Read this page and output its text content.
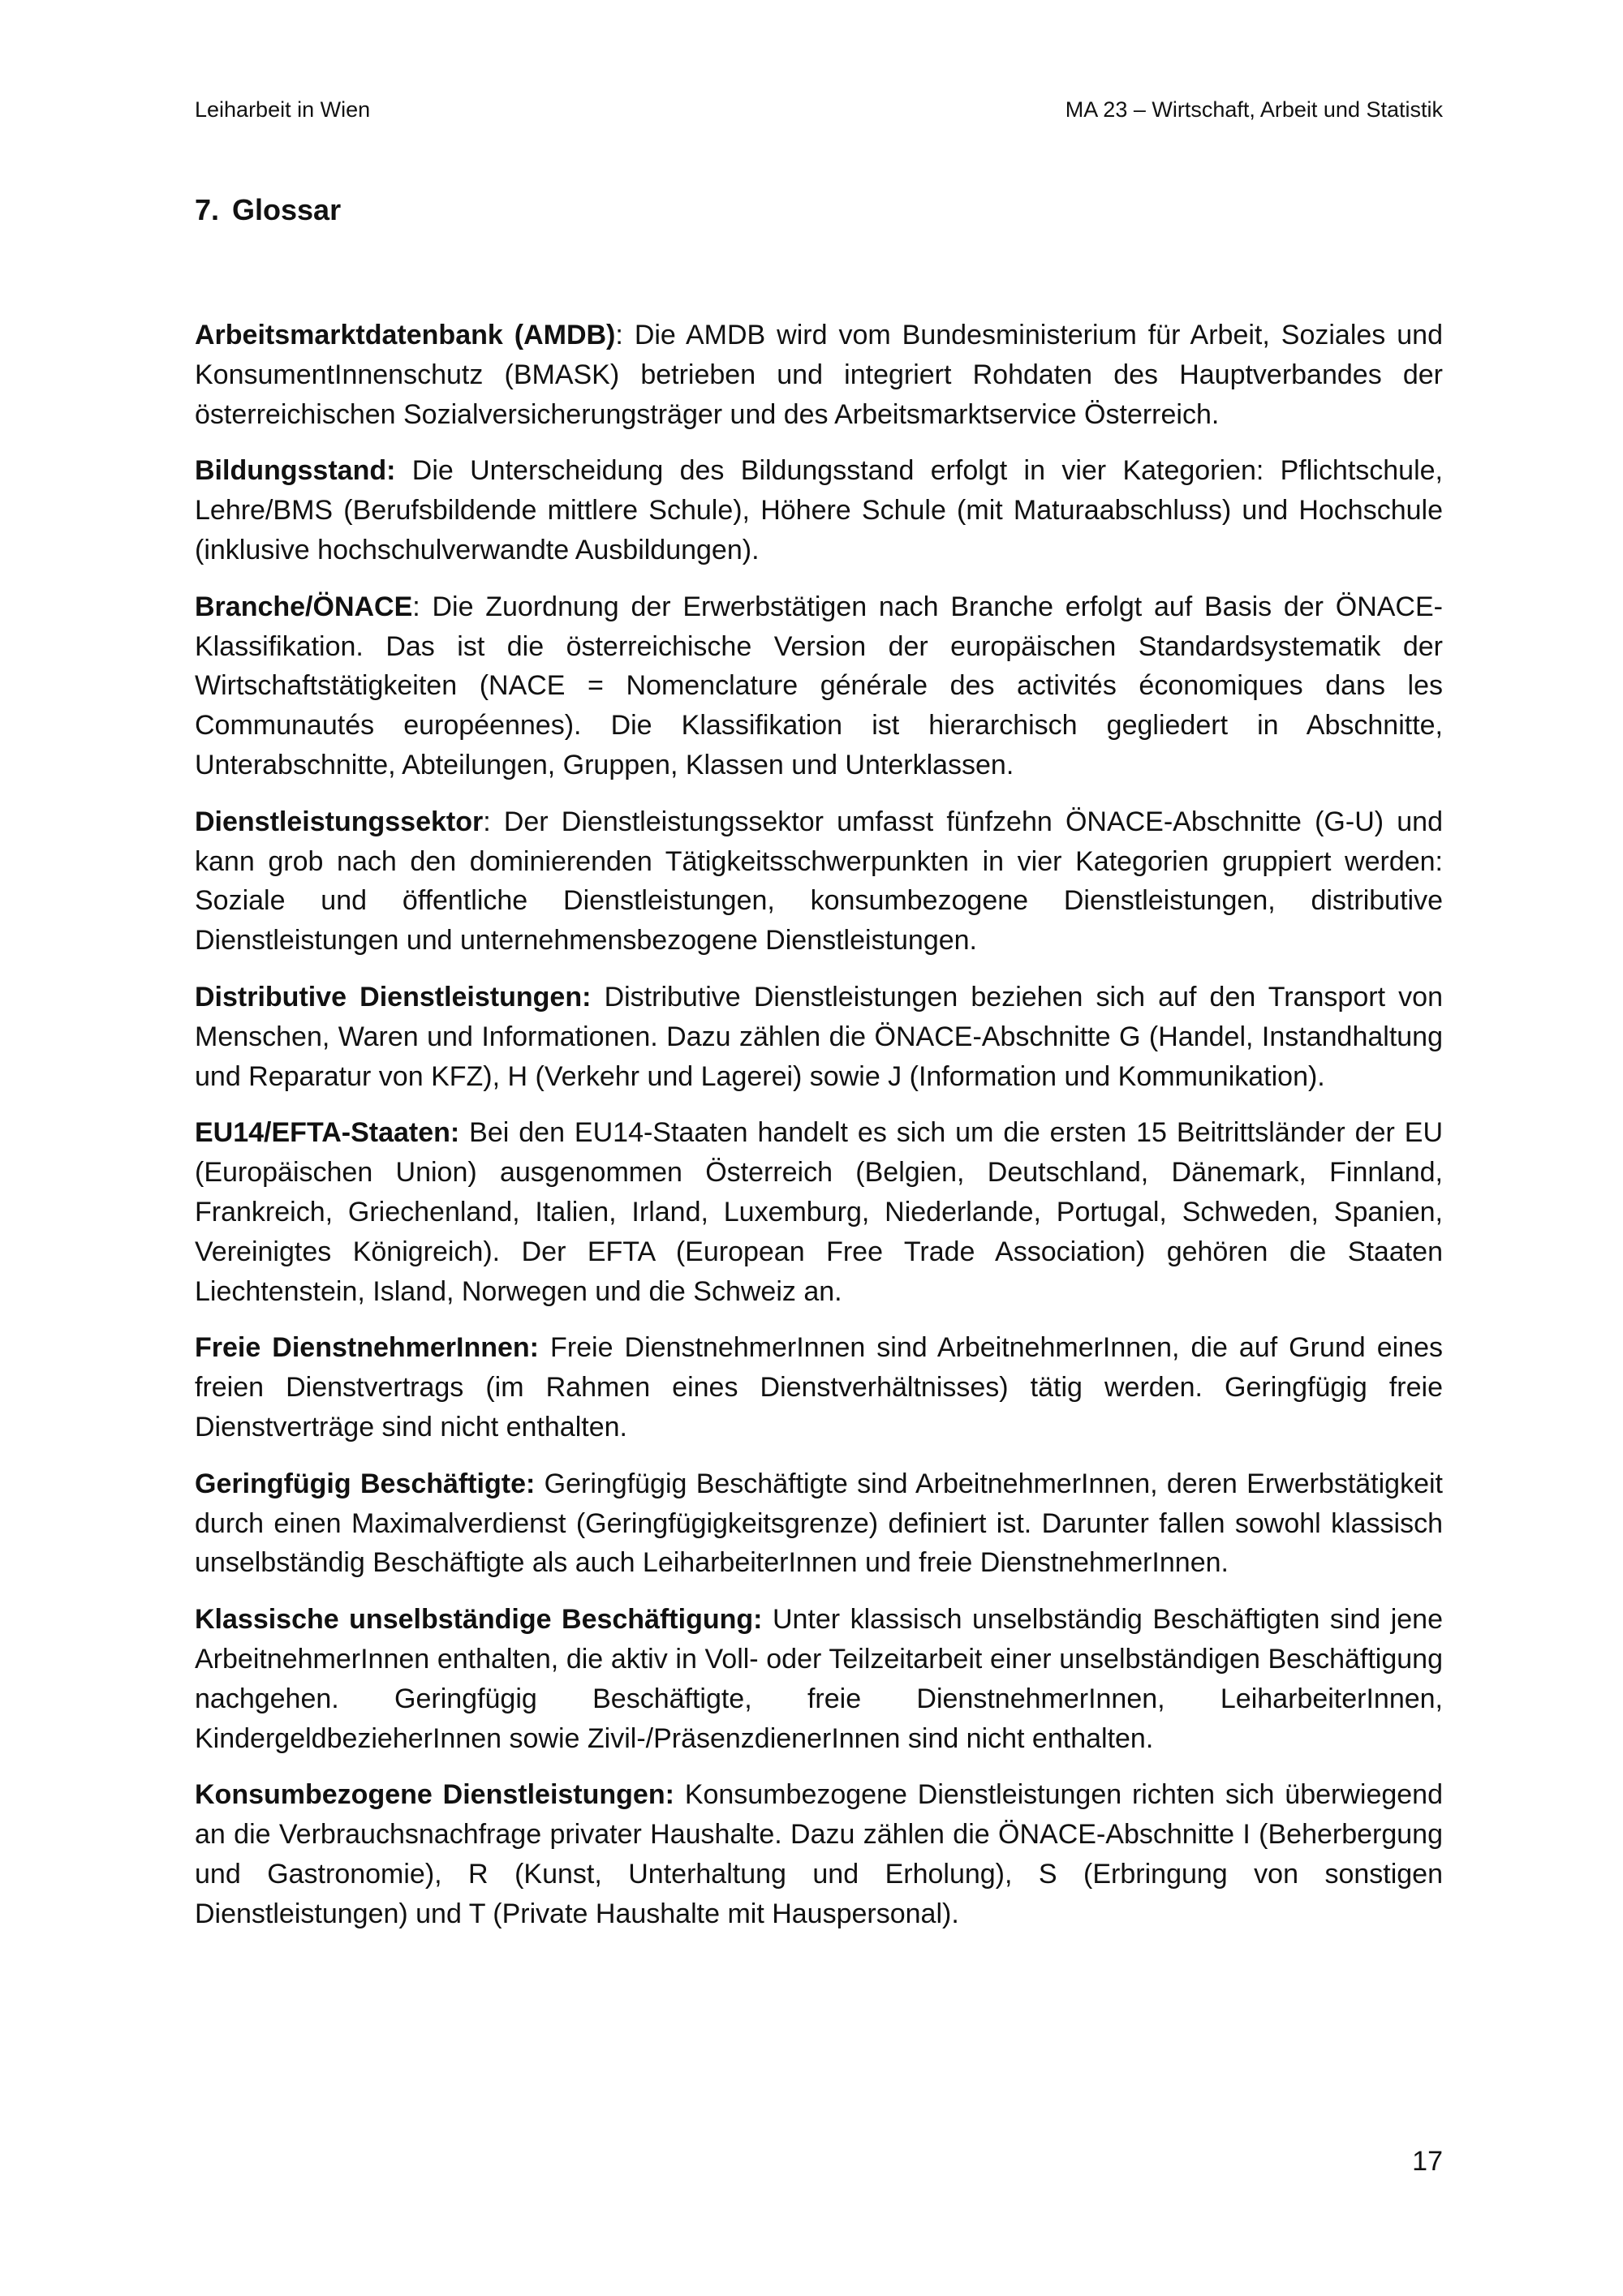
Leiharbeit in Wien	MA 23 – Wirtschaft, Arbeit und Statistik
7. Glossar

Arbeitsmarktdatenbank (AMDB): Die AMDB wird vom Bundesministerium für Arbeit, Soziales und KonsumentInnenschutz (BMASK) betrieben und integriert Rohdaten des Hauptverbandes der österreichischen Sozialversicherungsträger und des Arbeitsmarktservice Österreich.

Bildungsstand: Die Unterscheidung des Bildungsstand erfolgt in vier Kategorien: Pflichtschule, Lehre/BMS (Berufsbildende mittlere Schule), Höhere Schule (mit Maturaabschluss) und Hochschule (inklusive hochschulverwandte Ausbildungen).

Branche/ÖNACE: Die Zuordnung der Erwerbstätigen nach Branche erfolgt auf Basis der ÖNACE-Klassifikation. Das ist die österreichische Version der europäischen Standardsystematik der Wirtschaftstätigkeiten (NACE = Nomenclature générale des activités économiques dans les Communautés européennes). Die Klassifikation ist hierarchisch gegliedert in Abschnitte, Unterabschnitte, Abteilungen, Gruppen, Klassen und Unterklassen.

Dienstleistungssektor: Der Dienstleistungssektor umfasst fünfzehn ÖNACE-Abschnitte (G-U) und kann grob nach den dominierenden Tätigkeitsschwerpunkten in vier Kategorien gruppiert werden: Soziale und öffentliche Dienstleistungen, konsumbezogene Dienstleistungen, distributive Dienstleistungen und unternehmensbezogene Dienstleistungen.

Distributive Dienstleistungen: Distributive Dienstleistungen beziehen sich auf den Transport von Menschen, Waren und Informationen. Dazu zählen die ÖNACE-Abschnitte G (Handel, Instandhaltung und Reparatur von KFZ), H (Verkehr und Lagerei) sowie J (Information und Kommunikation).

EU14/EFTA-Staaten: Bei den EU14-Staaten handelt es sich um die ersten 15 Beitrittsländer der EU (Europäischen Union) ausgenommen Österreich (Belgien, Deutschland, Dänemark, Finnland, Frankreich, Griechenland, Italien, Irland, Luxemburg, Niederlande, Portugal, Schweden, Spanien, Vereinigtes Königreich). Der EFTA (European Free Trade Association) gehören die Staaten Liechtenstein, Island, Norwegen und die Schweiz an.

Freie DienstnehmerInnen: Freie DienstnehmerInnen sind ArbeitnehmerInnen, die auf Grund eines freien Dienstvertrags (im Rahmen eines Dienstverhältnisses) tätig werden. Geringfügig freie Dienstverträge sind nicht enthalten.

Geringfügig Beschäftigte: Geringfügig Beschäftigte sind ArbeitnehmerInnen, deren Erwerbstätigkeit durch einen Maximalverdienst (Geringfügigkeitsgrenze) definiert ist. Darunter fallen sowohl klassisch unselbständig Beschäftigte als auch LeiharbeiterInnen und freie DienstnehmerInnen.

Klassische unselbständige Beschäftigung: Unter klassisch unselbständig Beschäftigten sind jene ArbeitnehmerInnen enthalten, die aktiv in Voll- oder Teilzeitarbeit einer unselbständigen Beschäftigung nachgehen. Geringfügig Beschäftigte, freie DienstnehmerInnen, LeiharbeiterInnen, KindergeldbezieherInnen sowie Zivil-/PräsenzdienerInnen sind nicht enthalten.

Konsumbezogene Dienstleistungen: Konsumbezogene Dienstleistungen richten sich überwiegend an die Verbrauchsnachfrage privater Haushalte. Dazu zählen die ÖNACE-Abschnitte I (Beherbergung und Gastronomie), R (Kunst, Unterhaltung und Erholung), S (Erbringung von sonstigen Dienstleistungen) und T (Private Haushalte mit Hauspersonal).

17
